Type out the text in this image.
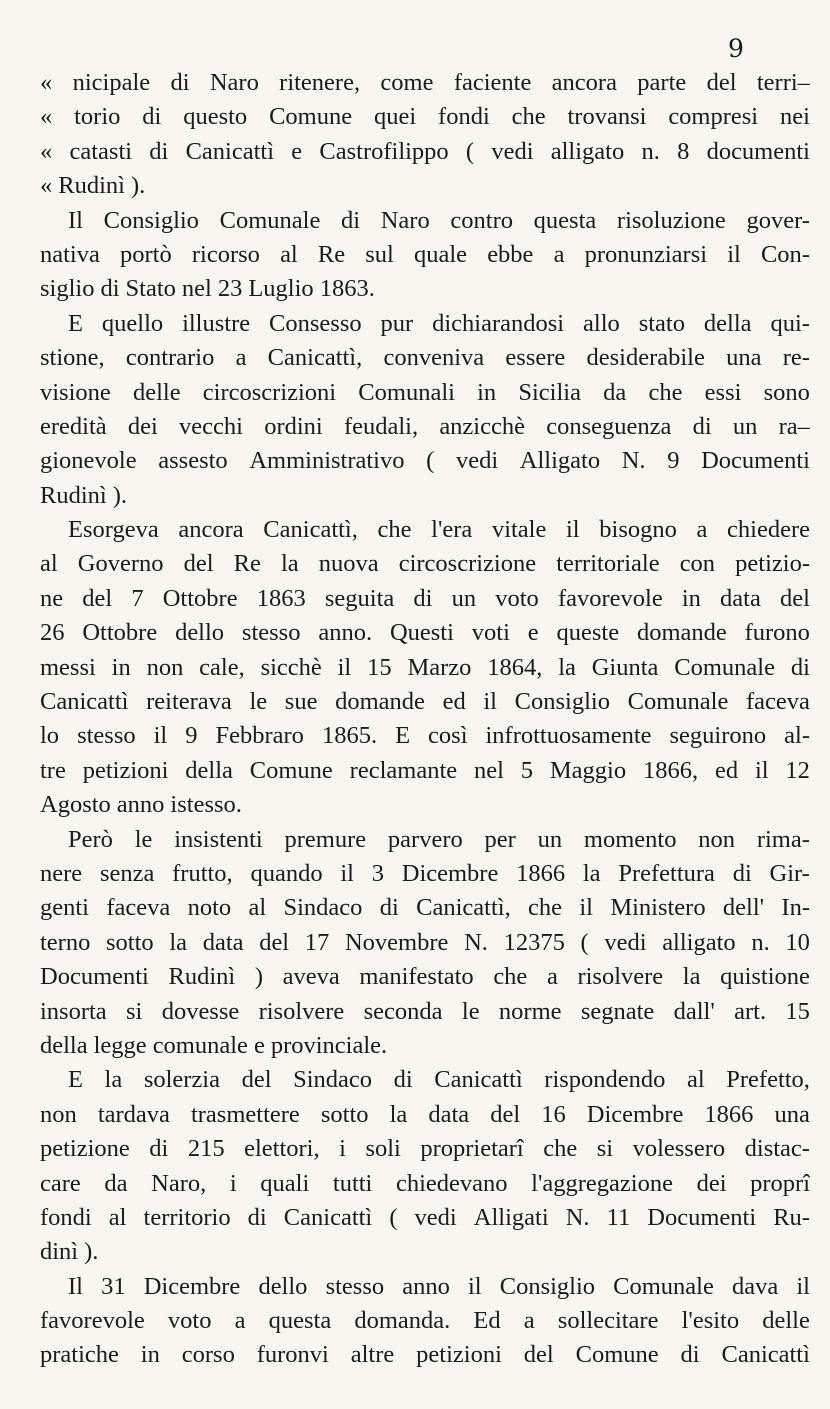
9
« nicipale di Naro ritenere, come faciente ancora parte del terri–
« torio di questo Comune quei fondi che trovansi compresi nei
« catasti di Canicattì e Castrofilippo ( vedi alligato n. 8 documenti
« Rudinì ).
Il Consiglio Comunale di Naro contro questa risoluzione gover-
nativa portò ricorso al Re sul quale ebbe a pronunziarsi il Con-
siglio di Stato nel 23 Luglio 1863.
E quello illustre Consesso pur dichiarandosi allo stato della qui-
stione, contrario a Canicattì, conveniva essere desiderabile una re-
visione delle circoscrizioni Comunali in Sicilia da che essi sono
eredità dei vecchi ordini feudali, anzicchè conseguenza di un ra–
gionevole assesto Amministrativo ( vedi Alligato N. 9 Documenti
Rudinì ).
Esorgeva ancora Canicattì, che l'era vitale il bisogno a chiedere
al Governo del Re la nuova circoscrizione territoriale con petizio-
ne del 7 Ottobre 1863 seguita di un voto favorevole in data del
26 Ottobre dello stesso anno. Questi voti e queste domande furono
messi in non cale, sicchè il 15 Marzo 1864, la Giunta Comunale di
Canicattì reiterava le sue domande ed il Consiglio Comunale faceva
lo stesso il 9 Febbraro 1865. E così infrottuosamente seguirono al-
tre petizioni della Comune reclamante nel 5 Maggio 1866, ed il 12
Agosto anno istesso.
Però le insistenti premure parvero per un momento non rima-
nere senza frutto, quando il 3 Dicembre 1866 la Prefettura di Gir-
genti faceva noto al Sindaco di Canicattì, che il Ministero dell' In-
terno sotto la data del 17 Novembre N. 12375 ( vedi alligato n. 10
Documenti Rudinì ) aveva manifestato che a risolvere la quistione
insorta si dovesse risolvere seconda le norme segnate dall' art. 15
della legge comunale e provinciale.
E la solerzia del Sindaco di Canicattì rispondendo al Prefetto,
non tardava trasmettere sotto la data del 16 Dicembre 1866 una
petizione di 215 elettori, i soli proprietarî che si volessero distac-
care da Naro, i quali tutti chiedevano l'aggregazione dei proprî
fondi al territorio di Canicattì ( vedi Alligati N. 11 Documenti Ru-
dinì ).
Il 31 Dicembre dello stesso anno il Consiglio Comunale dava il
favorevole voto a questa domanda. Ed a sollecitare l'esito delle
pratiche in corso furonvi altre petizioni del Comune di Canicattì
